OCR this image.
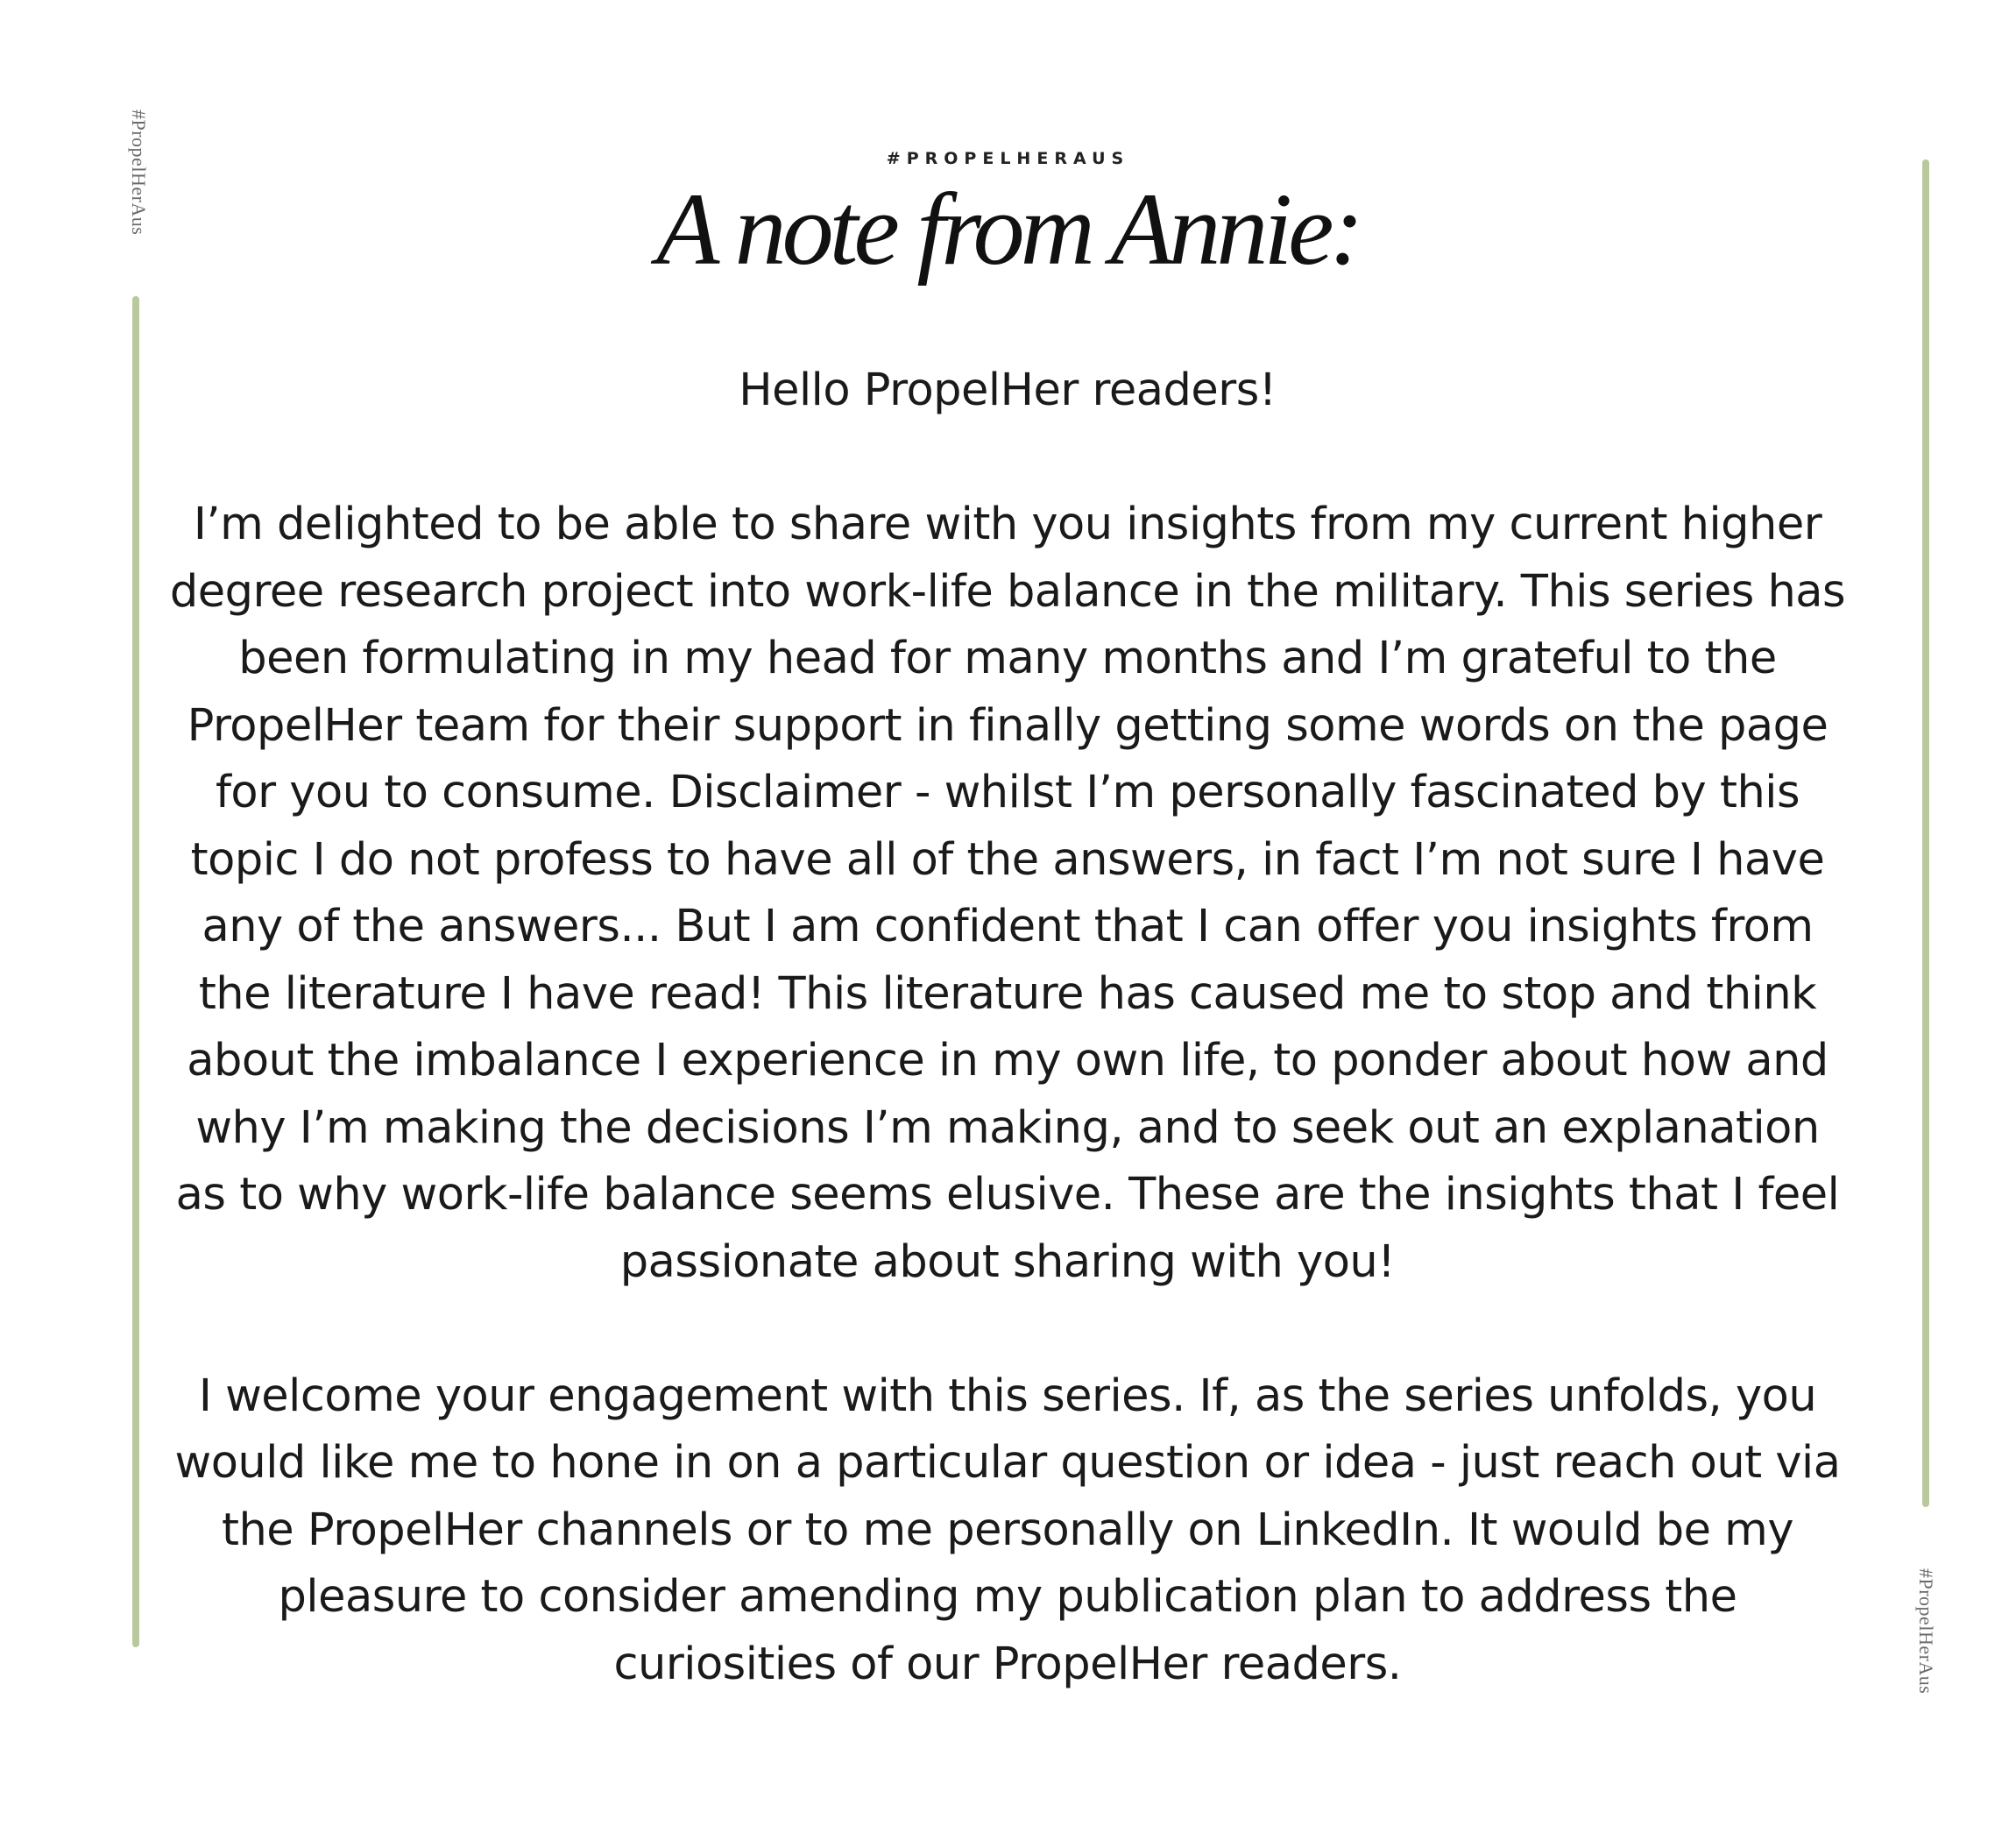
#PropelHerAus	#PROPELHERAUS
A note from Annie:

Hello PropelHer readers!

I’m delighted to be able to share with you insights from my current higher degree research project into work-life balance in the military. This series has been formulating in my head for many months and I’m grateful to the PropelHer team for their support in finally getting some words on the page for you to consume. Disclaimer - whilst I’m personally fascinated by this topic I do not profess to have all of the answers, in fact I’m not sure I have any of the answers... But I am confident that I can offer you insights from the literature I have read! This literature has caused me to stop and think about the imbalance I experience in my own life, to ponder about how and why I’m making the decisions I’m making, and to seek out an explanation as to why work-life balance seems elusive. These are the insights that I feel passionate about sharing with you!

I welcome your engagement with this series. If, as the series unfolds, you would like me to hone in on a particular question or idea - just reach out via the PropelHer channels or to me personally on LinkedIn. It would be my pleasure to consider amending my publication plan to address the curiosities of our PropelHer readers.	#PropelHerAus
